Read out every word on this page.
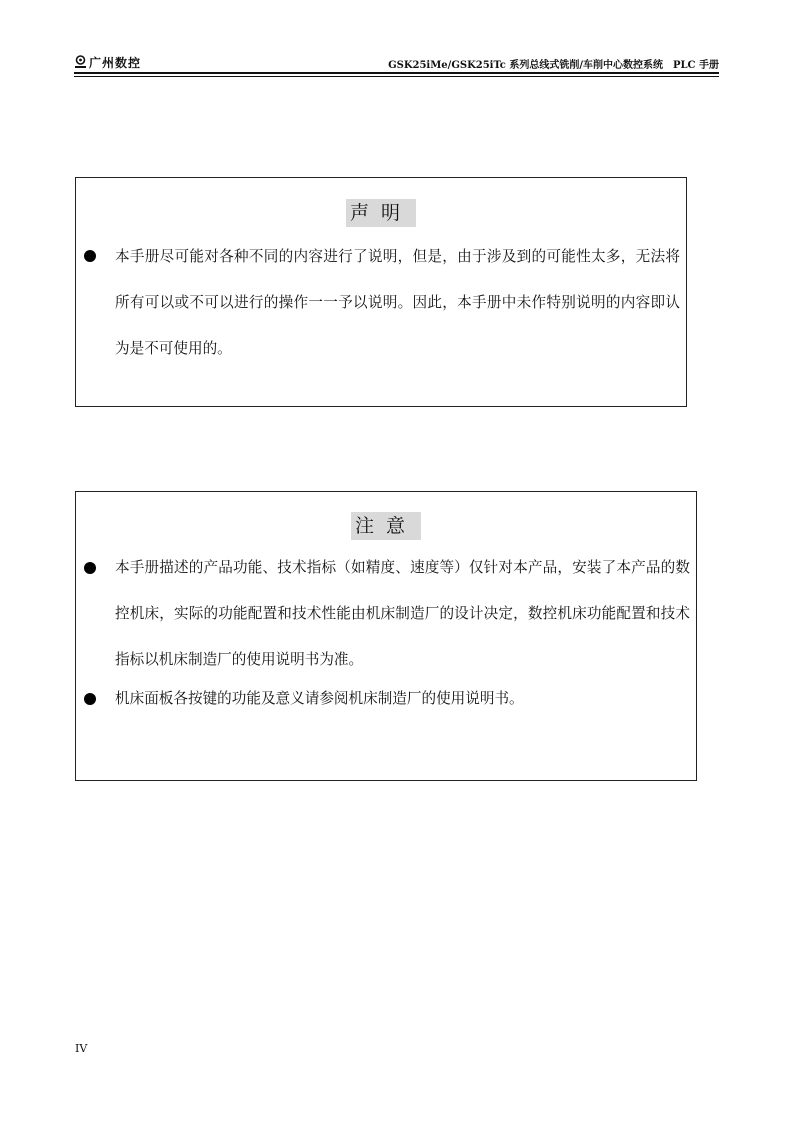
广州数控	GSK25iMe/GSK25iTc 系列总线式铣削/车削中心数控系统　PLC 手册
声明
本手册尽可能对各种不同的内容进行了说明，但是，由于涉及到的可能性太多，无法将所有可以或不可以进行的操作一一予以说明。因此，本手册中未作特别说明的内容即认为是不可使用的。
注意
本手册描述的产品功能、技术指标（如精度、速度等）仅针对本产品，安装了本产品的数控机床，实际的功能配置和技术性能由机床制造厂的设计决定，数控机床功能配置和技术指标以机床制造厂的使用说明书为准。
机床面板各按键的功能及意义请参阅机床制造厂的使用说明书。
IV
